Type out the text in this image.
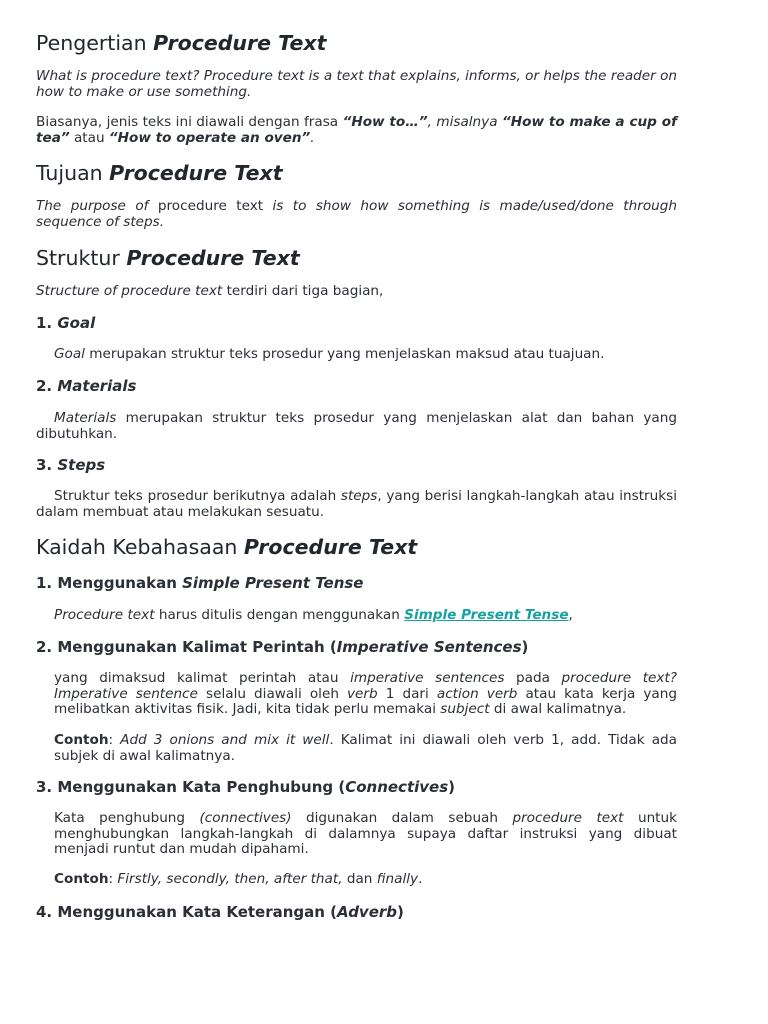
Pengertian Procedure Text

What is procedure text? Procedure text is a text that explains, informs, or helps the reader on how to make or use something.

Biasanya, jenis teks ini diawali dengan frasa “How to…”, misalnya “How to make a cup of tea” atau “How to operate an oven”.

Tujuan Procedure Text

The purpose of procedure text is to show how something is made/used/done through sequence of steps.

Struktur Procedure Text

Structure of procedure text terdiri dari tiga bagian,

1. Goal

Goal merupakan struktur teks prosedur yang menjelaskan maksud atau tuajuan.

2. Materials

Materials merupakan struktur teks prosedur yang menjelaskan alat dan bahan yang dibutuhkan.

3. Steps

Struktur teks prosedur berikutnya adalah steps, yang berisi langkah-langkah atau instruksi dalam membuat atau melakukan sesuatu.

Kaidah Kebahasaan Procedure Text
1. Menggunakan Simple Present Tense

Procedure text harus ditulis dengan menggunakan Simple Present Tense,

2. Menggunakan Kalimat Perintah (Imperative Sentences)

yang dimaksud kalimat perintah atau imperative sentences pada procedure text? Imperative sentence selalu diawali oleh verb 1 dari action verb atau kata kerja yang melibatkan aktivitas fisik. Jadi, kita tidak perlu memakai subject di awal kalimatnya.

Contoh: Add 3 onions and mix it well. Kalimat ini diawali oleh verb 1, add. Tidak ada subjek di awal kalimatnya.

3. Menggunakan Kata Penghubung (Connectives)

Kata penghubung (connectives) digunakan dalam sebuah procedure text untuk menghubungkan langkah-langkah di dalamnya supaya daftar instruksi yang dibuat menjadi runtut dan mudah dipahami.

Contoh: Firstly, secondly, then, after that, dan finally.

4. Menggunakan Kata Keterangan (Adverb)
